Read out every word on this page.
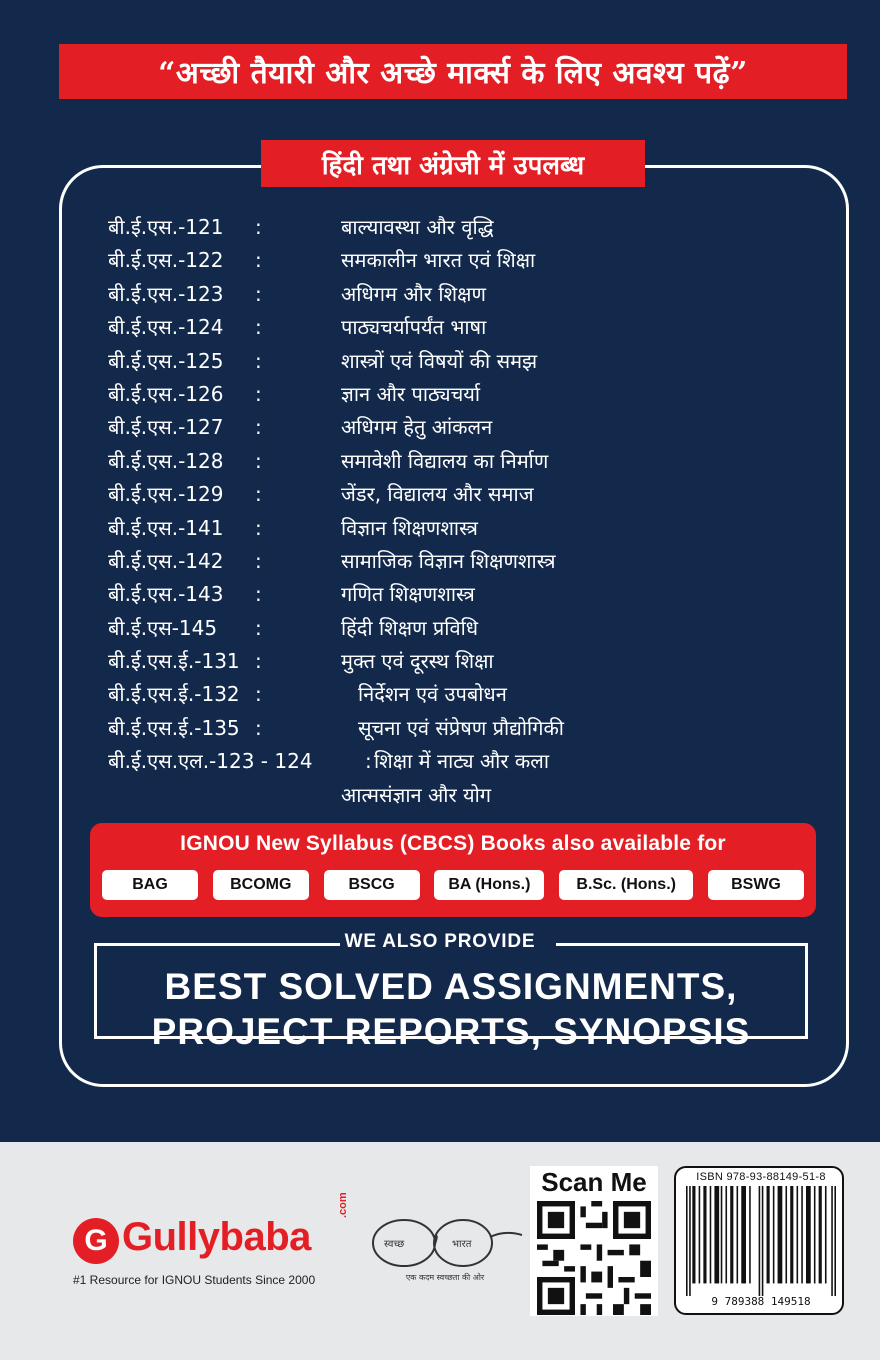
“अच्छी तैयारी और अच्छे मार्क्स के लिए अवश्य पढ़ें”
हिंदी तथा अंग्रेजी में उपलब्ध
बी.ई.एस.-121 :	बाल्यावस्था और वृद्धि
बी.ई.एस.-122 :	समकालीन भारत एवं शिक्षा
बी.ई.एस.-123 :	अधिगम और शिक्षण
बी.ई.एस.-124 :	पाठ्यचर्यापर्यंत भाषा
बी.ई.एस.-125 :	शास्त्रों एवं विषयों की समझ
बी.ई.एस.-126 :	ज्ञान और पाठ्यचर्या
बी.ई.एस.-127 :	अधिगम हेतु आंकलन
बी.ई.एस.-128 :	समावेशी विद्यालय का निर्माण
बी.ई.एस.-129 :	जेंडर, विद्यालय और समाज
बी.ई.एस.-141 :	विज्ञान शिक्षणशास्त्र
बी.ई.एस.-142 :	सामाजिक विज्ञान शिक्षणशास्त्र
बी.ई.एस.-143 :	गणित शिक्षणशास्त्र
बी.ई.एस-145 :	हिंदी शिक्षण प्रविधि
बी.ई.एस.ई.-131 :	मुक्त एवं दूरस्थ शिक्षा
बी.ई.एस.ई.-132 :	निर्देशन एवं उपबोधन
बी.ई.एस.ई.-135 :	सूचना एवं संप्रेषण प्रौद्योगिकी
बी.ई.एस.एल.-123 - 124	: शिक्षा में नाट्य और कला
आत्मसंज्ञान और योग
IGNOU New Syllabus (CBCS) Books also available for
BAG	BCOMG	BSCG	BA (Hons.)	B.Sc. (Hons.)	BSWG
WE ALSO PROVIDE
BEST SOLVED ASSIGNMENTS,
PROJECT REPORTS, SYNOPSIS
G Gullybaba
.com
#1 Resource for IGNOU Students Since 2000
स्वच्छ	भारत
एक कदम स्वच्छता की ओर
Scan Me	ISBN 978-93-88149-51-8
9 789388 149518
